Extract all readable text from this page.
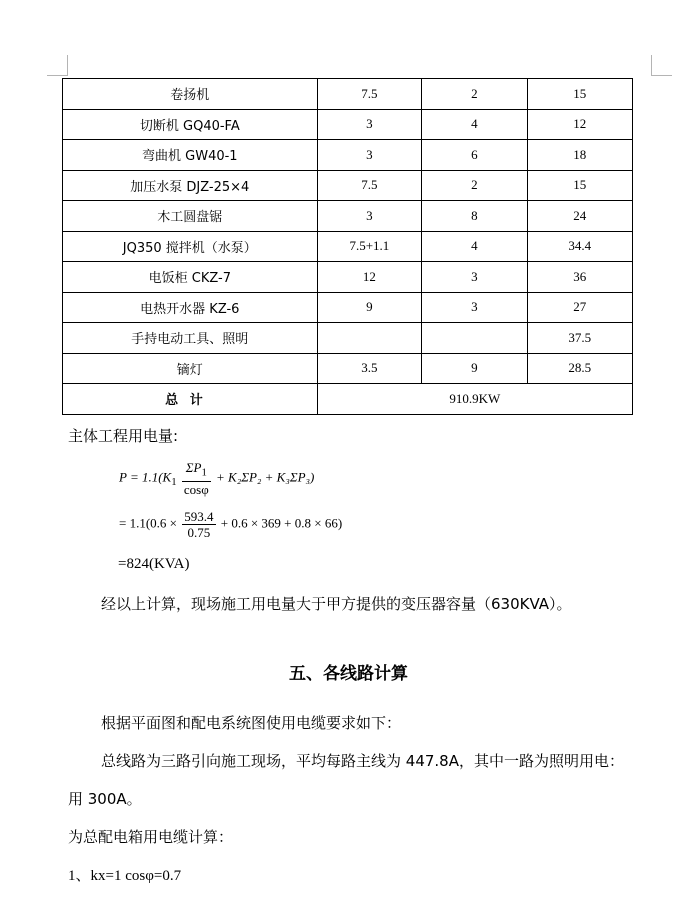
卷扬机	7.5	2	15
切断机 GQ40-FA	3	4	12
弯曲机 GW40-1	3	6	18
加压水泵 DJZ-25×4	7.5	2	15
木工圆盘锯	3	8	24
JQ350 搅拌机（水泵）	7.5+1.1	4	34.4
电饭柜 CKZ-7	12	3	36
电热开水器 KZ-6	9	3	27
手持电动工具、照明			37.5
镝灯	3.5	9	28.5
总计	910.9KW		
主体工程用电量:
$P = 1.1(K_1 \frac{\Sigma P_1}{\cos\varphi} + K_2\Sigma P_2 + K_3\Sigma P_3)$
= $1.1(0.6 \times \frac{593.4}{0.75} + 0.6 \times 369 + 0.8 \times 66)$
=824(KVA)
经以上计算，现场施工用电量大于甲方提供的变压器容量（630KVA）。
五、各线路计算
根据平面图和配电系统图使用电缆要求如下：
总线路为三路引向施工现场，平均每路主线为 447.8A，其中一路为照明用电：
用 300A。
为总配电箱用电缆计算：
1、kx=1 cosφ=0.7
